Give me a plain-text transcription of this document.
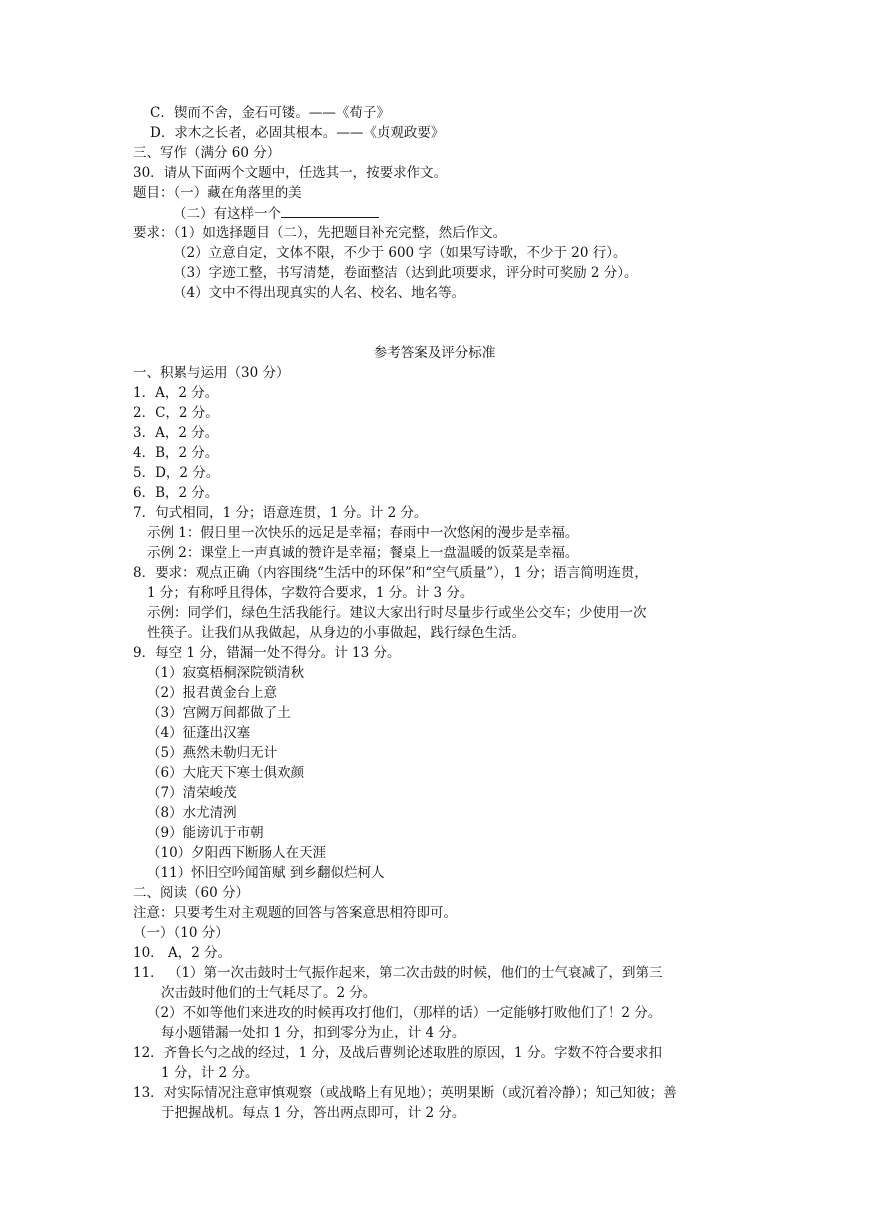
C．锲而不舍，金石可镂。——《荀子》
D．求木之长者，必固其根本。——《贞观政要》
三、写作（满分 60 分）
30．请从下面两个文题中，任选其一，按要求作文。
题目：（一）藏在角落里的美
（二）有这样一个
要求：（1）如选择题目（二），先把题目补充完整，然后作文。
（2）立意自定，文体不限，不少于 600 字（如果写诗歌，不少于 20 行）。
（3）字迹工整，书写清楚，卷面整洁（达到此项要求，评分时可奖励 2 分）。
（4）文中不得出现真实的人名、校名、地名等。
参考答案及评分标准
一、积累与运用（30 分）
1．A，2 分。
2．C，2 分。
3．A，2 分。
4．B，2 分。
5．D，2 分。
6．B，2 分。
7．句式相同，1 分；语意连贯，1 分。计 2 分。
示例 1：假日里一次快乐的远足是幸福；春雨中一次悠闲的漫步是幸福。
示例 2：课堂上一声真诚的赞许是幸福；餐桌上一盘温暖的饭菜是幸福。
8．要求：观点正确（内容围绕“生活中的环保”和“空气质量”），1 分；语言简明连贯，
1 分；有称呼且得体，字数符合要求，1 分。计 3 分。
示例：同学们，绿色生活我能行。建议大家出行时尽量步行或坐公交车；少使用一次
性筷子。让我们从我做起，从身边的小事做起，践行绿色生活。
9．每空 1 分，错漏一处不得分。计 13 分。
（1）寂寞梧桐深院锁清秋
（2）报君黄金台上意
（3）宫阙万间都做了土
（4）征蓬出汉塞
（5）燕然未勒归无计
（6）大庇天下寒士俱欢颜
（7）清荣峻茂
（8）水尤清洌
（9）能谤讥于市朝
（10）夕阳西下断肠人在天涯
（11）怀旧空吟闻笛赋 到乡翻似烂柯人
二、阅读（60 分）
注意：只要考生对主观题的回答与答案意思相符即可。
（一）（10 分）
10． A，2 分。
11． （1）第一次击鼓时士气振作起来，第二次击鼓的时候，他们的士气衰减了，到第三
次击鼓时他们的士气耗尽了。2 分。
（2）不如等他们来进攻的时候再攻打他们，（那样的话）一定能够打败他们了！2 分。
每小题错漏一处扣 1 分，扣到零分为止，计 4 分。
12．齐鲁长勺之战的经过，1 分，及战后曹刿论述取胜的原因，1 分。字数不符合要求扣
1 分，计 2 分。
13．对实际情况注意审慎观察（或战略上有见地）；英明果断（或沉着冷静）；知己知彼；善
于把握战机。每点 1 分，答出两点即可，计 2 分。
